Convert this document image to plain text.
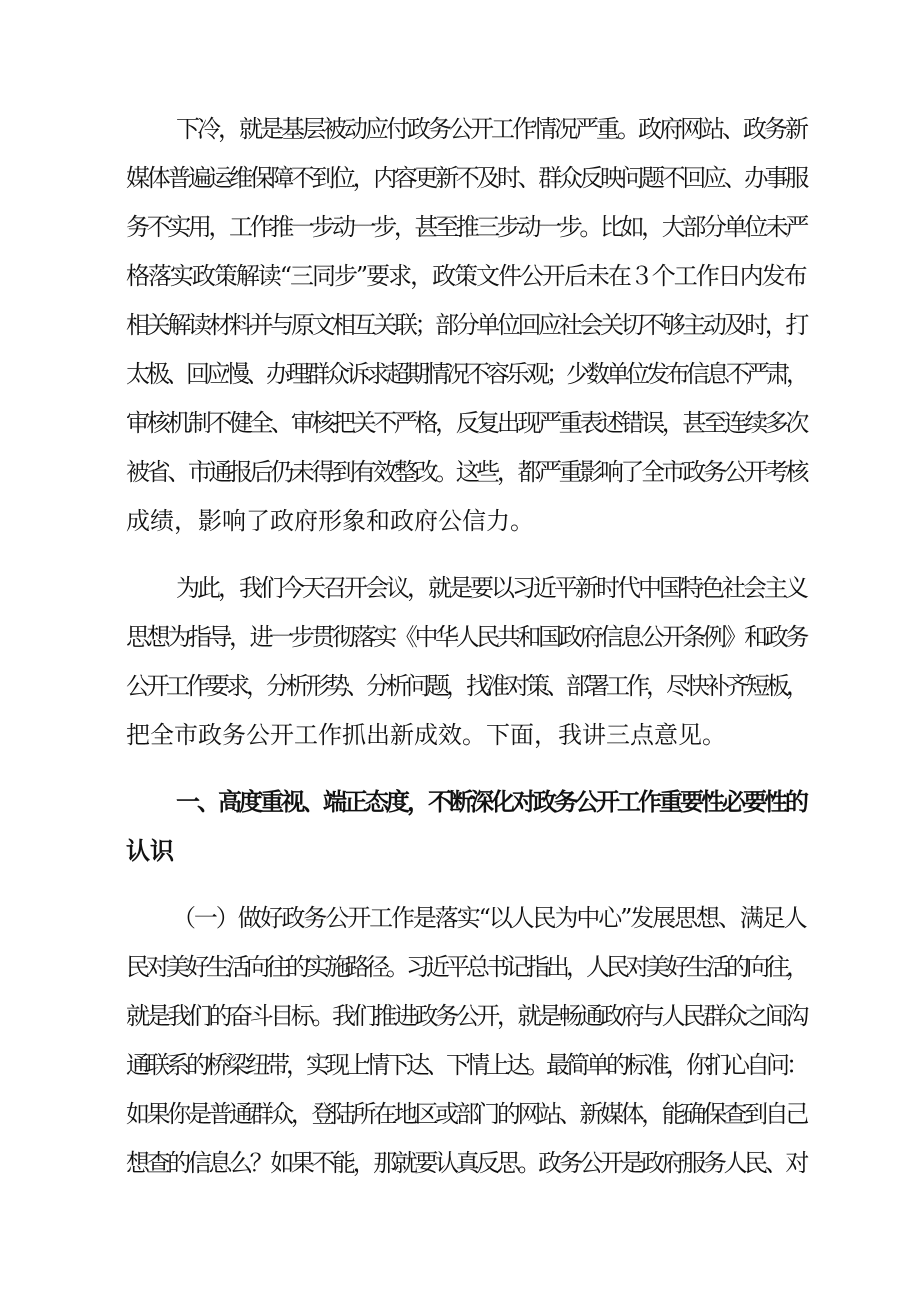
下冷，就是基层被动应付政务公开工作情况严重。政府网站、政务新
媒体普遍运维保障不到位，内容更新不及时、群众反映问题不回应、办事服
务不实用，工作推一步动一步，甚至推三步动一步。比如，大部分单位未严
格落实政策解读“三同步”要求，政策文件公开后未在３个工作日内发布
相关解读材料并与原文相互关联；部分单位回应社会关切不够主动及时，打
太极、回应慢、办理群众诉求超期情况不容乐观；少数单位发布信息不严肃，
审核机制不健全、审核把关不严格，反复出现严重表述错误，甚至连续多次
被省、市通报后仍未得到有效整改。这些，都严重影响了全市政务公开考核
成绩，影响了政府形象和政府公信力。
为此，我们今天召开会议，就是要以习近平新时代中国特色社会主义
思想为指导，进一步贯彻落实《中华人民共和国政府信息公开条例》和政务
公开工作要求，分析形势、分析问题，找准对策、部署工作，尽快补齐短板，
把全市政务公开工作抓出新成效。下面，我讲三点意见。
一、高度重视、端正态度，不断深化对政务公开工作重要性必要性的
认识
（一）做好政务公开工作是落实“以人民为中心”发展思想、满足人
民对美好生活向往的实施路径。习近平总书记指出，人民对美好生活的向往，
就是我们的奋斗目标。我们推进政务公开，就是畅通政府与人民群众之间沟
通联系的桥梁纽带，实现上情下达、下情上达。最简单的标准，你扪心自问：
如果你是普通群众，登陆所在地区或部门的网站、新媒体，能确保查到自己
想查的信息么？如果不能，那就要认真反思。政务公开是政府服务人民、对
